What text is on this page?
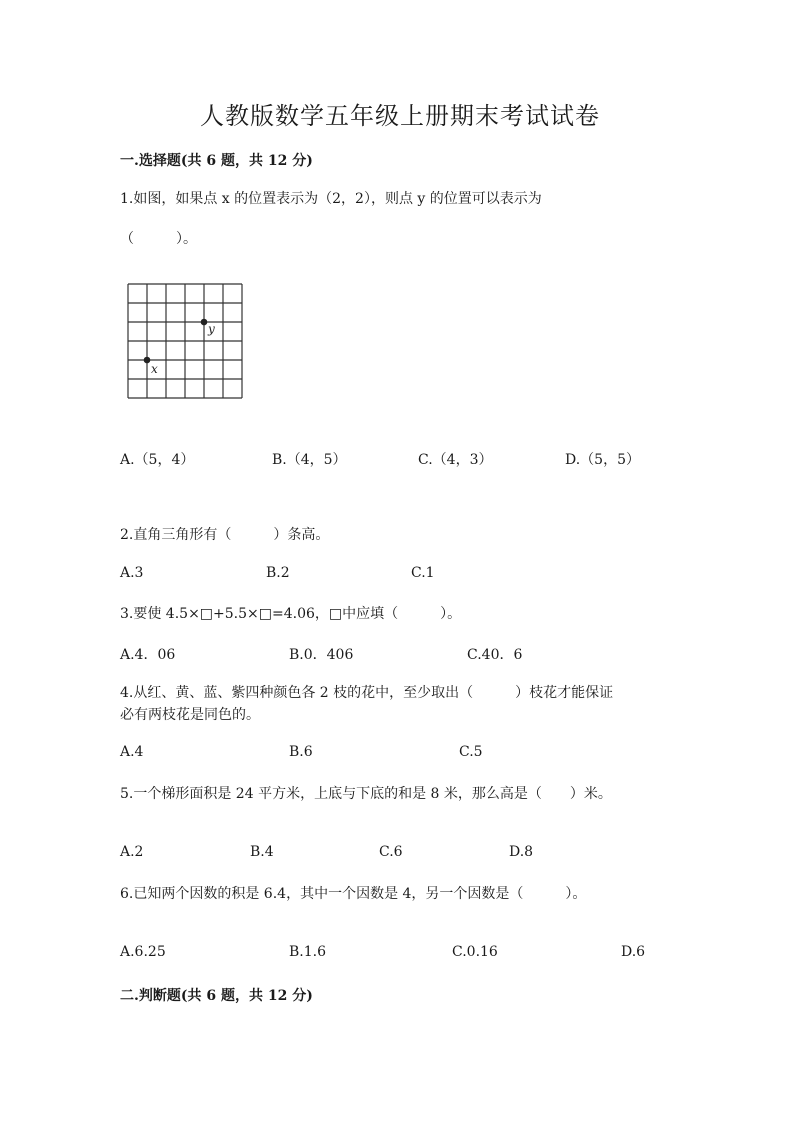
人教版数学五年级上册期末考试试卷
一.选择题(共 6 题，共 12 分)
1.如图，如果点 x 的位置表示为（2，2），则点 y 的位置可以表示为
（　　　）。
x
y
A.（5，4）	B.（4，5）	C.（4，3）	D.（5，5）
2.直角三角形有（　　　）条高。
A.3	B.2	C.1
3.要使 4.5×□+5.5×□=4.06，□中应填（　　　）。
A.4．06	B.0．406	C.40．6
4.从红、黄、蓝、紫四种颜色各 2 枝的花中，至少取出（　　　）枝花才能保证
必有两枝花是同色的。
A.4	B.6	C.5
5.一个梯形面积是 24 平方米，上底与下底的和是 8 米，那么高是（　　）米。
A.2	B.4	C.6	D.8
6.已知两个因数的积是 6.4，其中一个因数是 4，另一个因数是（　　　）。
A.6.25	B.1.6	C.0.16	D.6
二.判断题(共 6 题，共 12 分)
